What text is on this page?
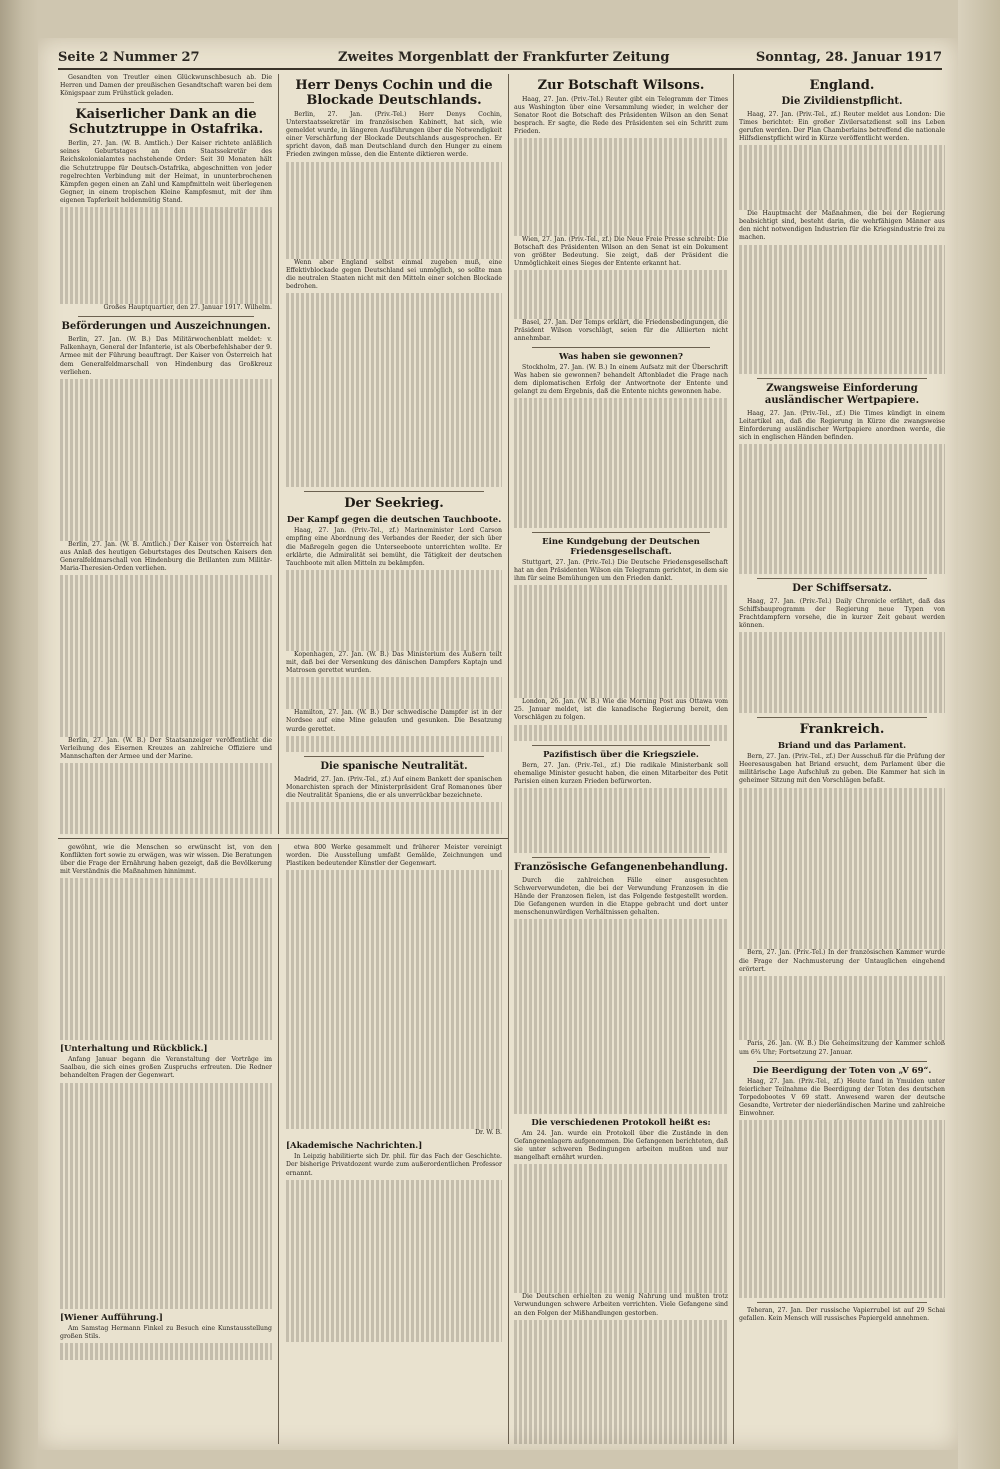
Seite 2 Nummer 27	Zweites Morgenblatt der Frankfurter Zeitung	Sonntag, 28. Januar 1917

Gesandten von Treutler einen Glückwunschbesuch ab. Die Herren und Damen der preußischen Gesandtschaft waren bei dem Königspaar zum Frühstück geladen.

Kaiserlicher Dank an die Schutztruppe in Ostafrika.

Berlin, 27. Jan. (W. B. Amtlich.) Der Kaiser richtete anläßlich seines Geburtstages an den Staatssekretär des Reichskolonialamtes nachstehende Order: Seit 30 Monaten hält die Schutztruppe für Deutsch-Ostafrika, abgeschnitten von jeder regelrechten Verbindung mit der Heimat, in ununterbrochenen Kämpfen gegen einen an Zahl und Kampfmitteln weit überlegenen Gegner, in einem tropischen Kleine Kampfesmut, mit der ihm eigenen Tapferkeit heldenmütig Stand.

Großes Hauptquartier, den 27. Januar 1917. Wilhelm.

Beförderungen und Auszeichnungen.

Berlin, 27. Jan. (W. B.) Das Militärwochenblatt meldet: v. Falkenhayn, General der Infanterie, ist als Oberbefehlshaber der 9. Armee mit der Führung beauftragt. Der Kaiser von Österreich hat dem Generalfeldmarschall von Hindenburg das Großkreuz verliehen.

Berlin, 27. Jan. (W. B. Amtlich.) Der Kaiser von Österreich hat aus Anlaß des heutigen Geburtstages des Deutschen Kaisers den Generalfeldmarschall von Hindenburg die Brillanten zum Militär-Maria-Theresien-Orden verliehen.

Berlin, 27. Jan. (W. B.) Der Staatsanzeiger veröffentlicht die Verleihung des Eisernen Kreuzes an zahlreiche Offiziere und Mannschaften der Armee und der Marine.

Herr Denys Cochin und die Blockade Deutschlands.

Berlin, 27. Jan. (Priv.-Tel.) Herr Denys Cochin, Unterstaatssekretär im französischen Kabinett, hat sich, wie gemeldet wurde, in längeren Ausführungen über die Notwendigkeit einer Verschärfung der Blockade Deutschlands ausgesprochen. Er spricht davon, daß man Deutschland durch den Hunger zu einem Frieden zwingen müsse, den die Entente diktieren werde.

Wenn aber England selbst einmal zugeben muß, eine Effektivblockade gegen Deutschland sei unmöglich, so sollte man die neutralen Staaten nicht mit den Mitteln einer solchen Blockade bedrohen.

Der Seekrieg.
Der Kampf gegen die deutschen Tauchboote.

Haag, 27. Jan. (Priv.-Tel., zf.) Marineminister Lord Carson empfing eine Abordnung des Verbandes der Reeder, der sich über die Maßregeln gegen die Unterseeboote unterrichten wollte. Er erklärte, die Admiralität sei bemüht, die Tätigkeit der deutschen Tauchboote mit allen Mitteln zu bekämpfen.

Kopenhagen, 27. Jan. (W. B.) Das Ministerium des Äußern teilt mit, daß bei der Versenkung des dänischen Dampfers Kaptajn und Matrosen gerettet wurden.

Hamilton, 27. Jan. (W. B.) Der schwedische Dampfer ist in der Nordsee auf eine Mine gelaufen und gesunken. Die Besatzung wurde gerettet.

Die spanische Neutralität.

Madrid, 27. Jan. (Priv.-Tel., zf.) Auf einem Bankett der spanischen Monarchisten sprach der Ministerpräsident Graf Romanones über die Neutralität Spaniens, die er als unverrückbar bezeichnete.

Zur Botschaft Wilsons.

Haag, 27. Jan. (Priv.-Tel.) Reuter gibt ein Telegramm der Times aus Washington über eine Versammlung wieder, in welcher der Senator Root die Botschaft des Präsidenten Wilson an den Senat besprach. Er sagte, die Rede des Präsidenten sei ein Schritt zum Frieden.

Wien, 27. Jan. (Priv.-Tel., zf.) Die Neue Freie Presse schreibt: Die Botschaft des Präsidenten Wilson an den Senat ist ein Dokument von größter Bedeutung. Sie zeigt, daß der Präsident die Unmöglichkeit eines Sieges der Entente erkannt hat.

Basel, 27. Jan. Der Temps erklärt, die Friedensbedingungen, die Präsident Wilson vorschlägt, seien für die Alliierten nicht annehmbar.

Was haben sie gewonnen?

Stockholm, 27. Jan. (W. B.) In einem Aufsatz mit der Überschrift Was haben sie gewonnen? behandelt Aftonbladet die Frage nach dem diplomatischen Erfolg der Antwortnote der Entente und gelangt zu dem Ergebnis, daß die Entente nichts gewonnen habe.

Eine Kundgebung der Deutschen Friedensgesellschaft.

Stuttgart, 27. Jan. (Priv.-Tel.) Die Deutsche Friedensgesellschaft hat an den Präsidenten Wilson ein Telegramm gerichtet, in dem sie ihm für seine Bemühungen um den Frieden dankt.

London, 26. Jan. (W. B.) Wie die Morning Post aus Ottawa vom 25. Januar meldet, ist die kanadische Regierung bereit, den Vorschlägen zu folgen.

Pazifistisch über die Kriegsziele.

Bern, 27. Jan. (Priv.-Tel., zf.) Die radikale Ministerbank soll ehemalige Minister gesucht haben, die einen Mitarbeiter des Petit Parisien einen kurzen Frieden befürworten.

Französische Gefangenenbehandlung.

Durch die zahlreichen Fälle einer ausgesuchten Schwerverwundeten, die bei der Verwundung Franzosen in die Hände der Franzosen fielen, ist das Folgende festgestellt worden. Die Gefangenen wurden in die Etappe gebracht und dort unter menschenunwürdigen Verhältnissen gehalten.

Die verschiedenen Protokoll heißt es:

Am 24. Jan. wurde ein Protokoll über die Zustände in den Gefangenenlagern aufgenommen. Die Gefangenen berichteten, daß sie unter schweren Bedingungen arbeiten mußten und nur mangelhaft ernährt wurden.

Die Deutschen erhielten zu wenig Nahrung und mußten trotz Verwundungen schwere Arbeiten verrichten. Viele Gefangene sind an den Folgen der Mißhandlungen gestorben.

England.
Die Zivildienstpflicht.

Haag, 27. Jan. (Priv.-Tel., zf.) Reuter meldet aus London: Die Times berichtet: Ein großer Zivilersatzdienst soll ins Leben gerufen werden. Der Plan Chamberlains betreffend die nationale Hilfsdienstpflicht wird in Kürze veröffentlicht werden.

Die Hauptmacht der Maßnahmen, die bei der Regierung beabsichtigt sind, besteht darin, die wehrfähigen Männer aus den nicht notwendigen Industrien für die Kriegsindustrie frei zu machen.

Zwangsweise Einforderung ausländischer Wertpapiere.

Haag, 27. Jan. (Priv.-Tel., zf.) Die Times kündigt in einem Leitartikel an, daß die Regierung in Kürze die zwangsweise Einforderung ausländischer Wertpapiere anordnen werde, die sich in englischen Händen befinden.

Der Schiffsersatz.

Haag, 27. Jan. (Priv.-Tel.) Daily Chronicle erfährt, daß das Schiffsbauprogramm der Regierung neue Typen von Frachtdampfern vorsehe, die in kurzer Zeit gebaut werden können.

Frankreich.
Briand und das Parlament.

Bern, 27. Jan. (Priv.-Tel., zf.) Der Ausschuß für die Prüfung der Heeresausgaben hat Briand ersucht, dem Parlament über die militärische Lage Aufschluß zu geben. Die Kammer hat sich in geheimer Sitzung mit den Vorschlägen befaßt.

Bern, 27. Jan. (Priv.-Tel.) In der französischen Kammer wurde die Frage der Nachmusterung der Untauglichen eingehend erörtert.

Paris, 26. Jan. (W. B.) Die Geheimsitzung der Kammer schloß um 6¾ Uhr; Fortsetzung 27. Januar.

Die Beerdigung der Toten von „V 69“.

Haag, 27. Jan. (Priv.-Tel., zf.) Heute fand in Ymuiden unter feierlicher Teilnahme die Beerdigung der Toten des deutschen Torpedobootes V 69 statt. Anwesend waren der deutsche Gesandte, Vertreter der niederländischen Marine und zahlreiche Einwohner.

Teheran, 27. Jan. Der russische Vapierrubel ist auf 29 Schai gefallen. Kein Mensch will russisches Papiergeld annehmen.

gewöhnt, wie die Menschen so erwünscht ist, von den Konflikten fort sowie zu erwägen, was wir wissen. Die Beratungen über die Frage der Ernährung haben gezeigt, daß die Bevölkerung mit Verständnis die Maßnahmen hinnimmt.

[Unterhaltung und Rückblick.]

Anfang Januar begann die Veranstaltung der Vorträge im Saalbau, die sich eines großen Zuspruchs erfreuten. Die Redner behandelten Fragen der Gegenwart.

[Wiener Aufführung.]

Am Samstag Hermann Finkel zu Besuch eine Kunstausstellung großen Stils.

etwa 800 Werke gesammelt und früherer Meister vereinigt worden. Die Ausstellung umfaßt Gemälde, Zeichnungen und Plastiken bedeutender Künstler der Gegenwart.

Dr. W. B.

[Akademische Nachrichten.]

In Leipzig habilitierte sich Dr. phil. für das Fach der Geschichte. Der bisherige Privatdozent wurde zum außerordentlichen Professor ernannt.
